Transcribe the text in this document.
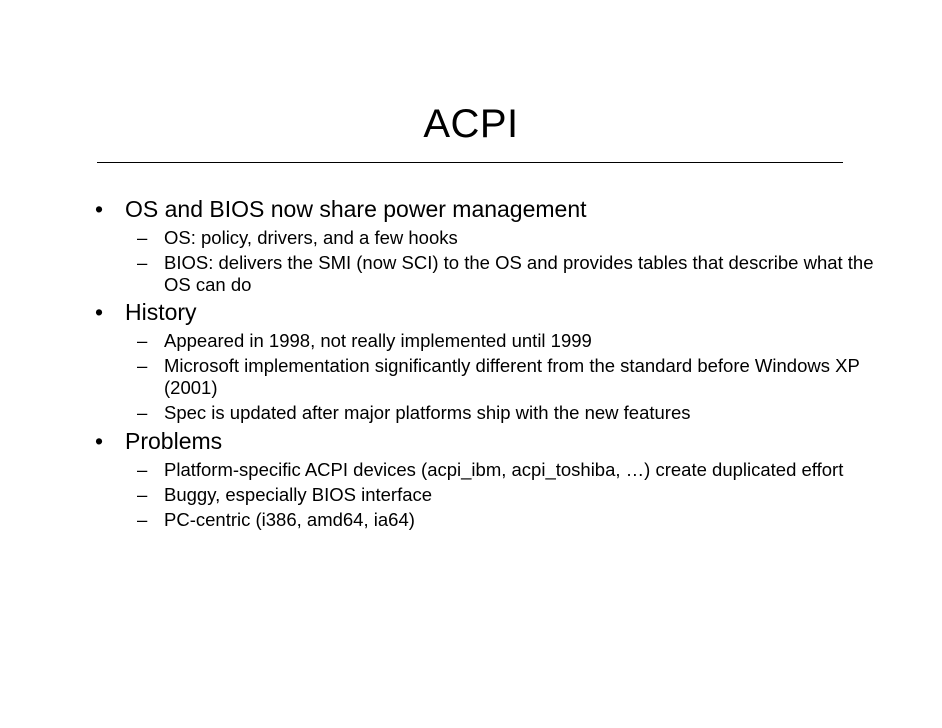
ACPI
• OS and BIOS now share power management
– OS: policy, drivers, and a few hooks
– BIOS: delivers the SMI (now SCI) to the OS and provides tables that describe what the OS can do
• History
– Appeared in 1998, not really implemented until 1999
– Microsoft implementation significantly different from the standard before Windows XP (2001)
– Spec is updated after major platforms ship with the new features
• Problems
– Platform-specific ACPI devices (acpi_ibm, acpi_toshiba, …) create duplicated effort
– Buggy, especially BIOS interface
– PC-centric (i386, amd64, ia64)
